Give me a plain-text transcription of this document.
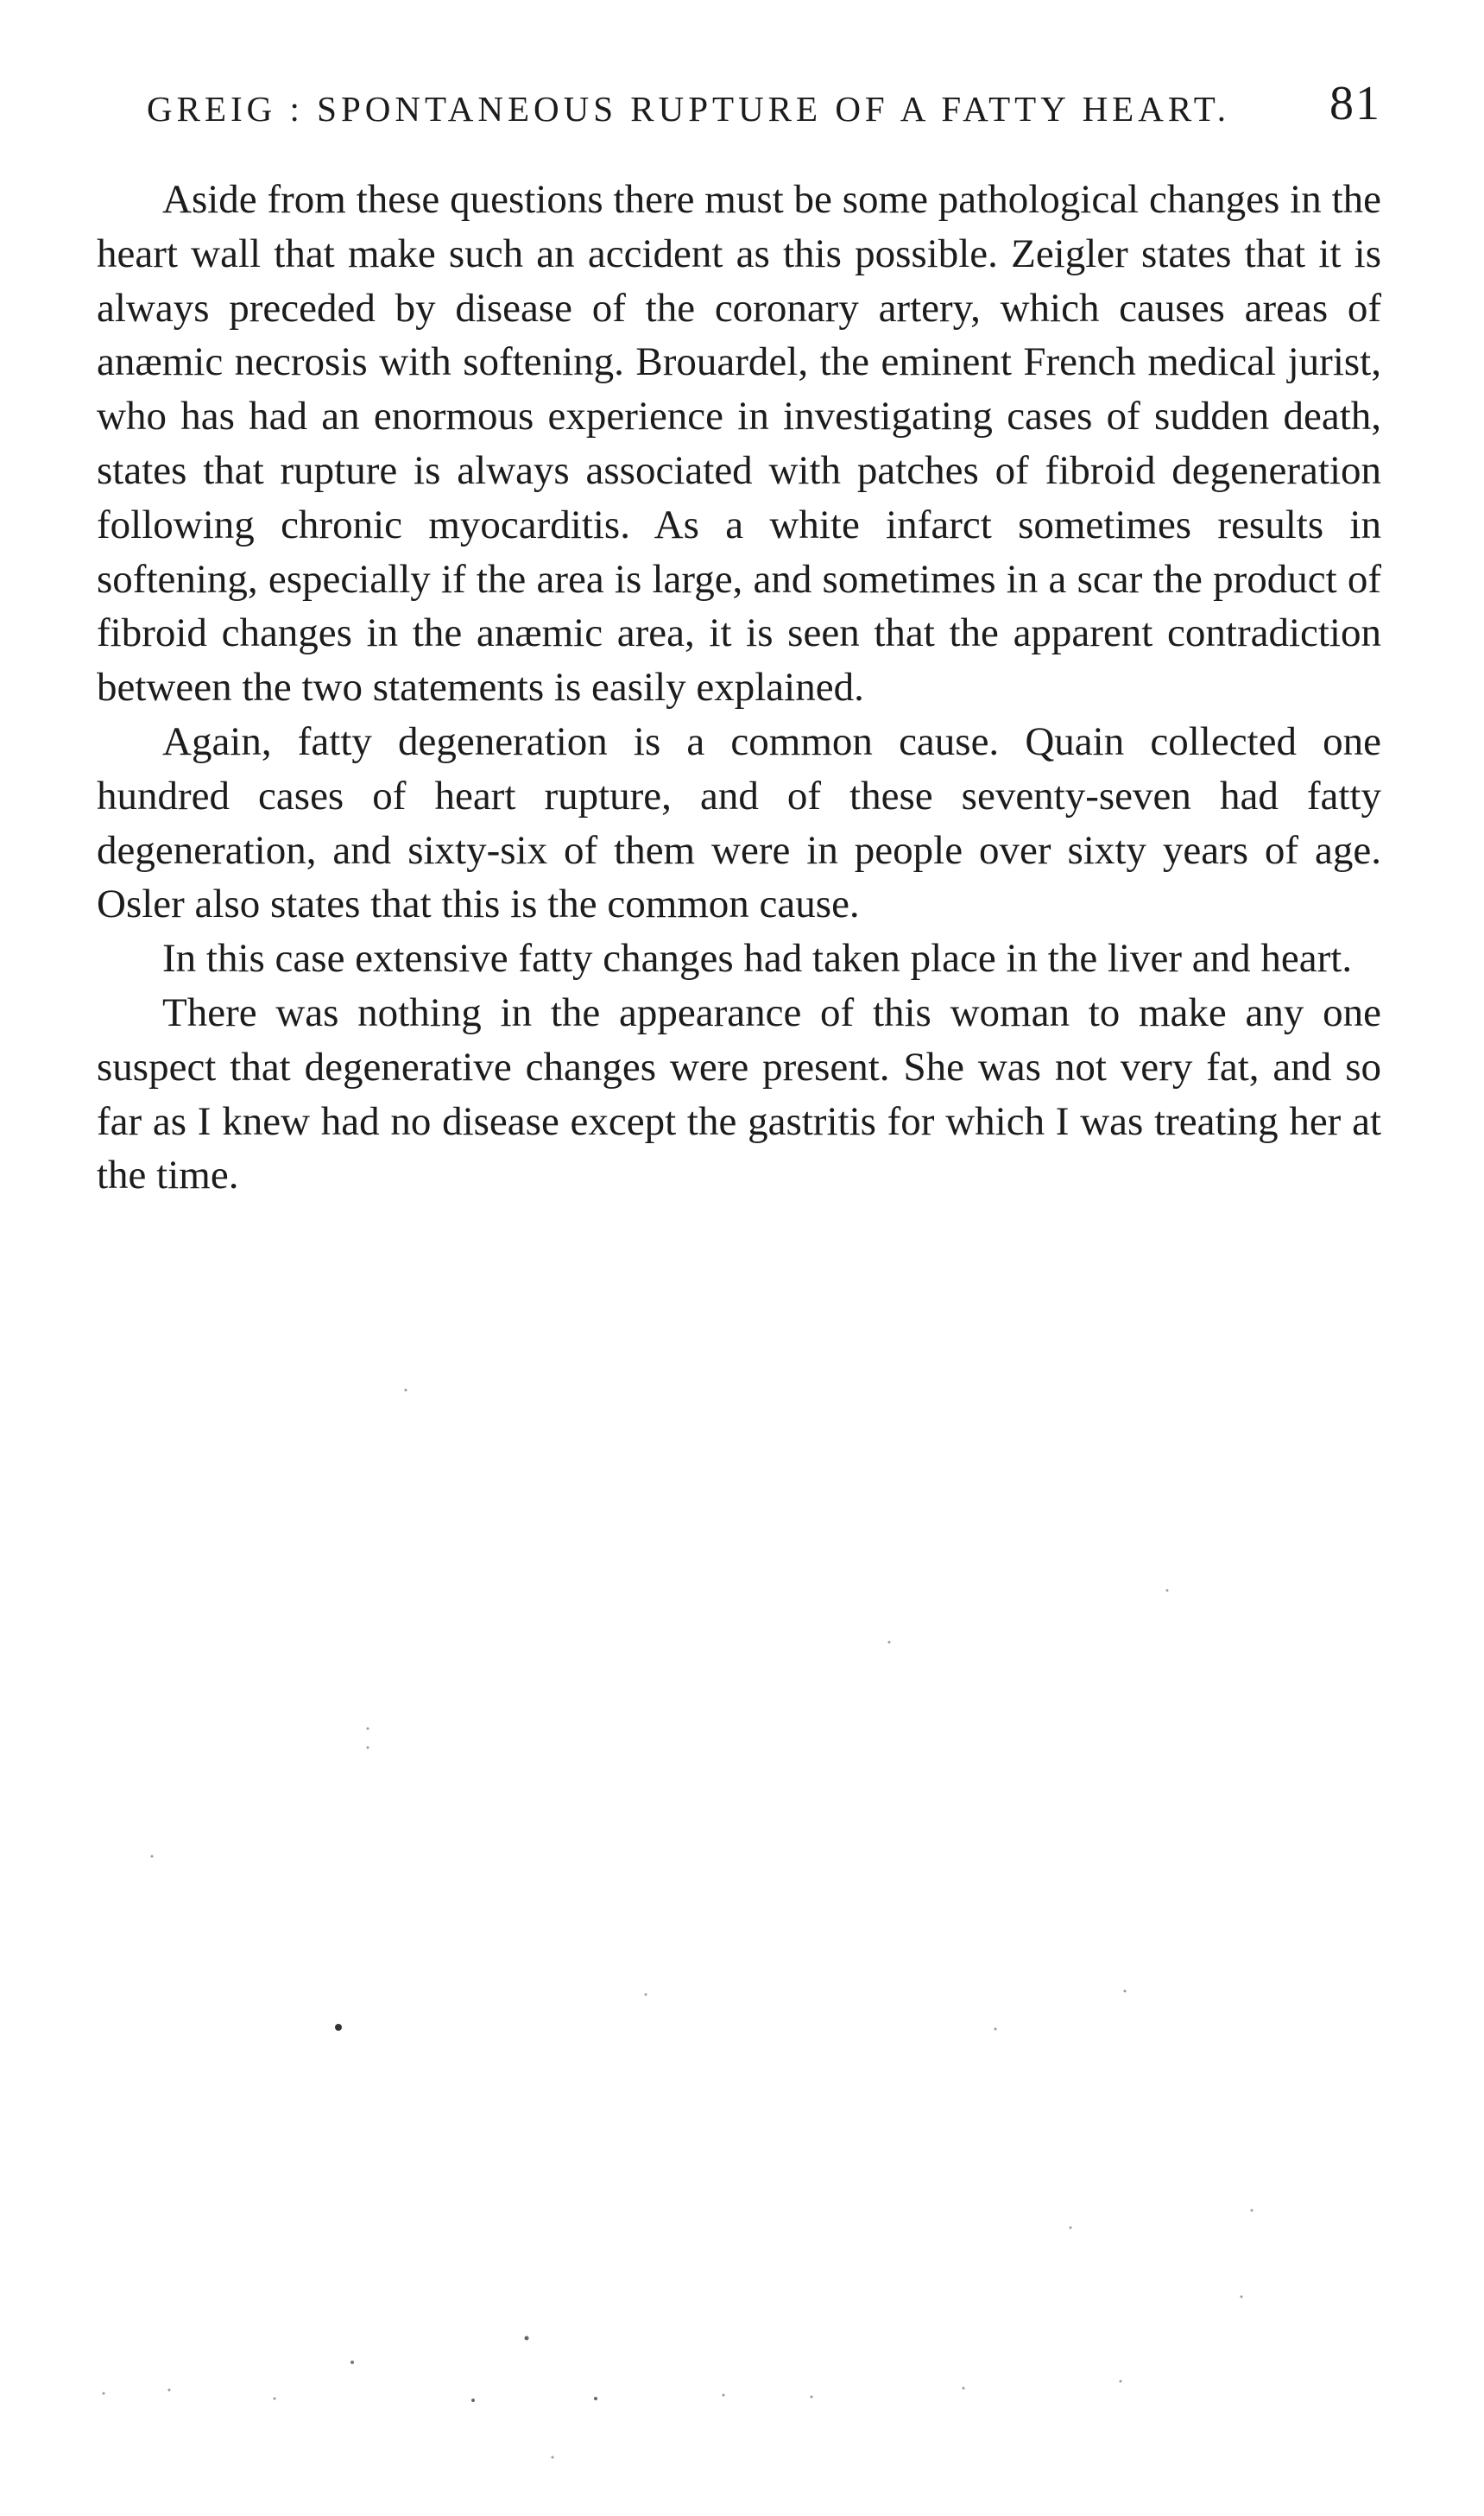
GREIG : SPONTANEOUS RUPTURE OF A FATTY HEART. 81

Aside from these questions there must be some pathological changes in the heart wall that make such an accident as this possible. Zeigler states that it is always preceded by disease of the coronary artery, which causes areas of anæmic necrosis with softening. Brouardel, the eminent French medical jurist, who has had an enormous experience in investigating cases of sudden death, states that rupture is always associated with patches of fibroid degeneration following chronic myocarditis. As a white infarct sometimes results in softening, especially if the area is large, and sometimes in a scar the product of fibroid changes in the anæmic area, it is seen that the apparent contradiction between the two statements is easily explained.

Again, fatty degeneration is a common cause. Quain collected one hundred cases of heart rupture, and of these seventy-seven had fatty degeneration, and sixty-six of them were in people over sixty years of age. Osler also states that this is the common cause.

In this case extensive fatty changes had taken place in the liver and heart.

There was nothing in the appearance of this woman to make any one suspect that degenerative changes were present. She was not very fat, and so far as I knew had no disease except the gastritis for which I was treating her at the time.
